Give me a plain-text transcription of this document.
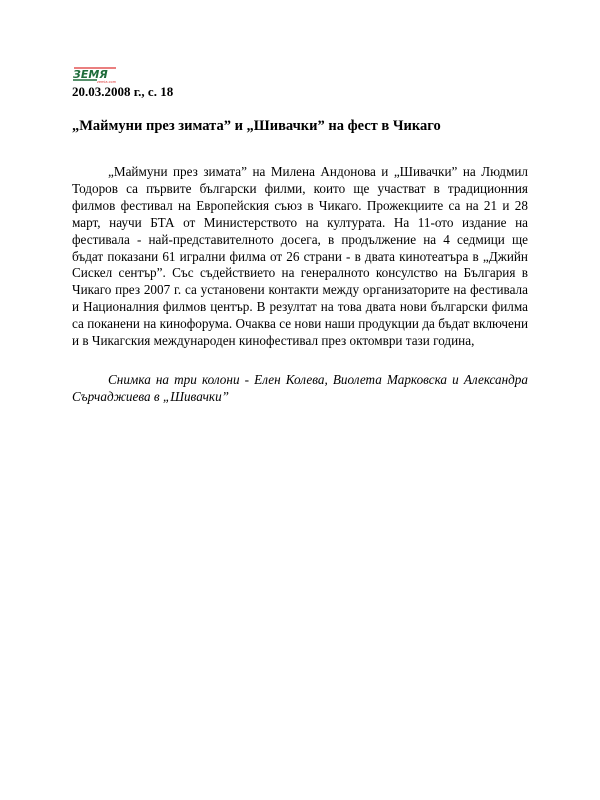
ЗЕМЯ
zemia.com

20.03.2008 г., с. 18

„Маймуни през зимата” и „Шивачки” на фест в Чикаго

„Маймуни през зимата” на Милена Андонова и „Шивачки” на Людмил Тодоров са първите български филми, които ще участват в традиционния филмов фестивал на Европейския съюз в Чикаго. Прожекциите са на 21 и 28 март, научи БТА от Министерството на културата. На 11-ото издание на фестивала - най-представителното досега, в продължение на 4 седмици ще бъдат показани 61 игрални филма от 26 страни - в двата кинотеатъра в „Джийн Сискел сентър”. Със съдействието на генералното консулство на България в Чикаго през 2007 г. са установени контакти между организаторите на фестивала и Националния филмов център. В резултат на това двата нови български филма са поканени на кинофорума. Очаква се нови наши продукции да бъдат включени и в Чикагския международен кинофестивал през октомври тази година,

Снимка на три колони - Елен Колева, Виолета Марковска и Александра Сърчаджиева в „Шивачки”
